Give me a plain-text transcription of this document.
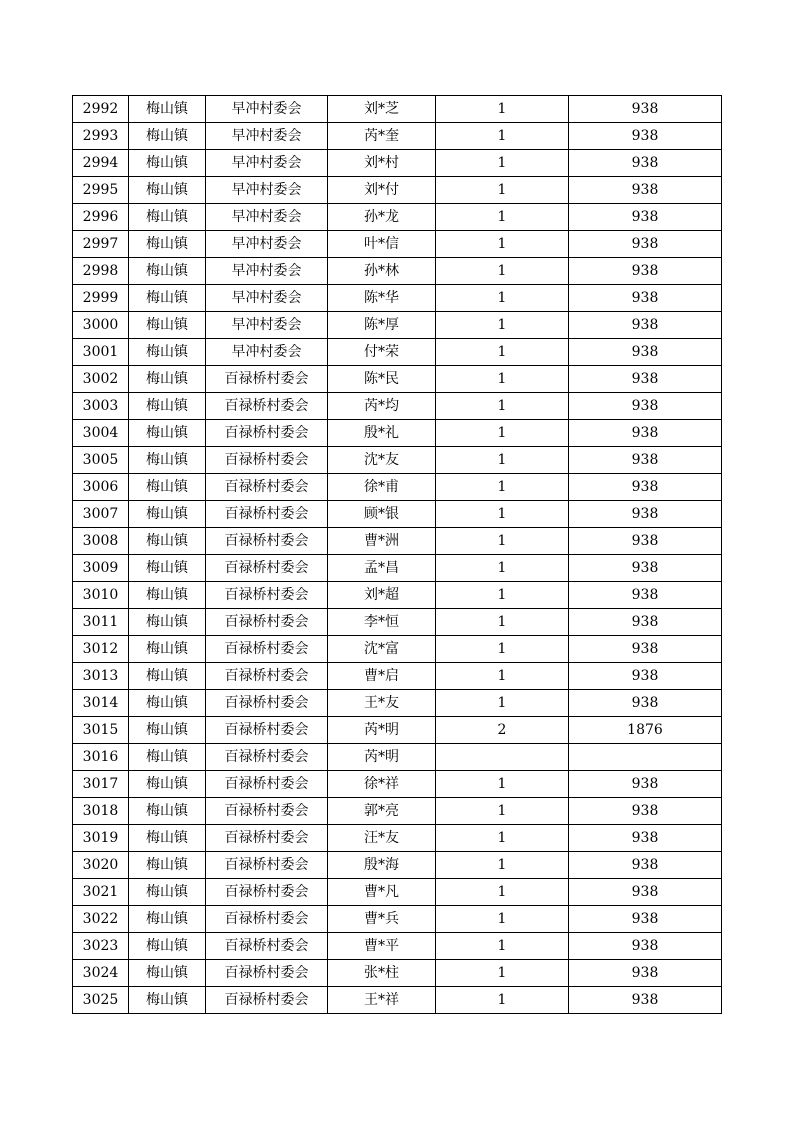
2992	梅山镇	早冲村委会	刘*芝	1	938
2993	梅山镇	早冲村委会	芮*奎	1	938
2994	梅山镇	早冲村委会	刘*村	1	938
2995	梅山镇	早冲村委会	刘*付	1	938
2996	梅山镇	早冲村委会	孙*龙	1	938
2997	梅山镇	早冲村委会	叶*信	1	938
2998	梅山镇	早冲村委会	孙*林	1	938
2999	梅山镇	早冲村委会	陈*华	1	938
3000	梅山镇	早冲村委会	陈*厚	1	938
3001	梅山镇	早冲村委会	付*荣	1	938
3002	梅山镇	百禄桥村委会	陈*民	1	938
3003	梅山镇	百禄桥村委会	芮*均	1	938
3004	梅山镇	百禄桥村委会	殷*礼	1	938
3005	梅山镇	百禄桥村委会	沈*友	1	938
3006	梅山镇	百禄桥村委会	徐*甫	1	938
3007	梅山镇	百禄桥村委会	顾*银	1	938
3008	梅山镇	百禄桥村委会	曹*洲	1	938
3009	梅山镇	百禄桥村委会	孟*昌	1	938
3010	梅山镇	百禄桥村委会	刘*超	1	938
3011	梅山镇	百禄桥村委会	李*恒	1	938
3012	梅山镇	百禄桥村委会	沈*富	1	938
3013	梅山镇	百禄桥村委会	曹*启	1	938
3014	梅山镇	百禄桥村委会	王*友	1	938
3015	梅山镇	百禄桥村委会	芮*明	2	1876
3016	梅山镇	百禄桥村委会	芮*明		
3017	梅山镇	百禄桥村委会	徐*祥	1	938
3018	梅山镇	百禄桥村委会	郭*亮	1	938
3019	梅山镇	百禄桥村委会	汪*友	1	938
3020	梅山镇	百禄桥村委会	殷*海	1	938
3021	梅山镇	百禄桥村委会	曹*凡	1	938
3022	梅山镇	百禄桥村委会	曹*兵	1	938
3023	梅山镇	百禄桥村委会	曹*平	1	938
3024	梅山镇	百禄桥村委会	张*柱	1	938
3025	梅山镇	百禄桥村委会	王*祥	1	938
